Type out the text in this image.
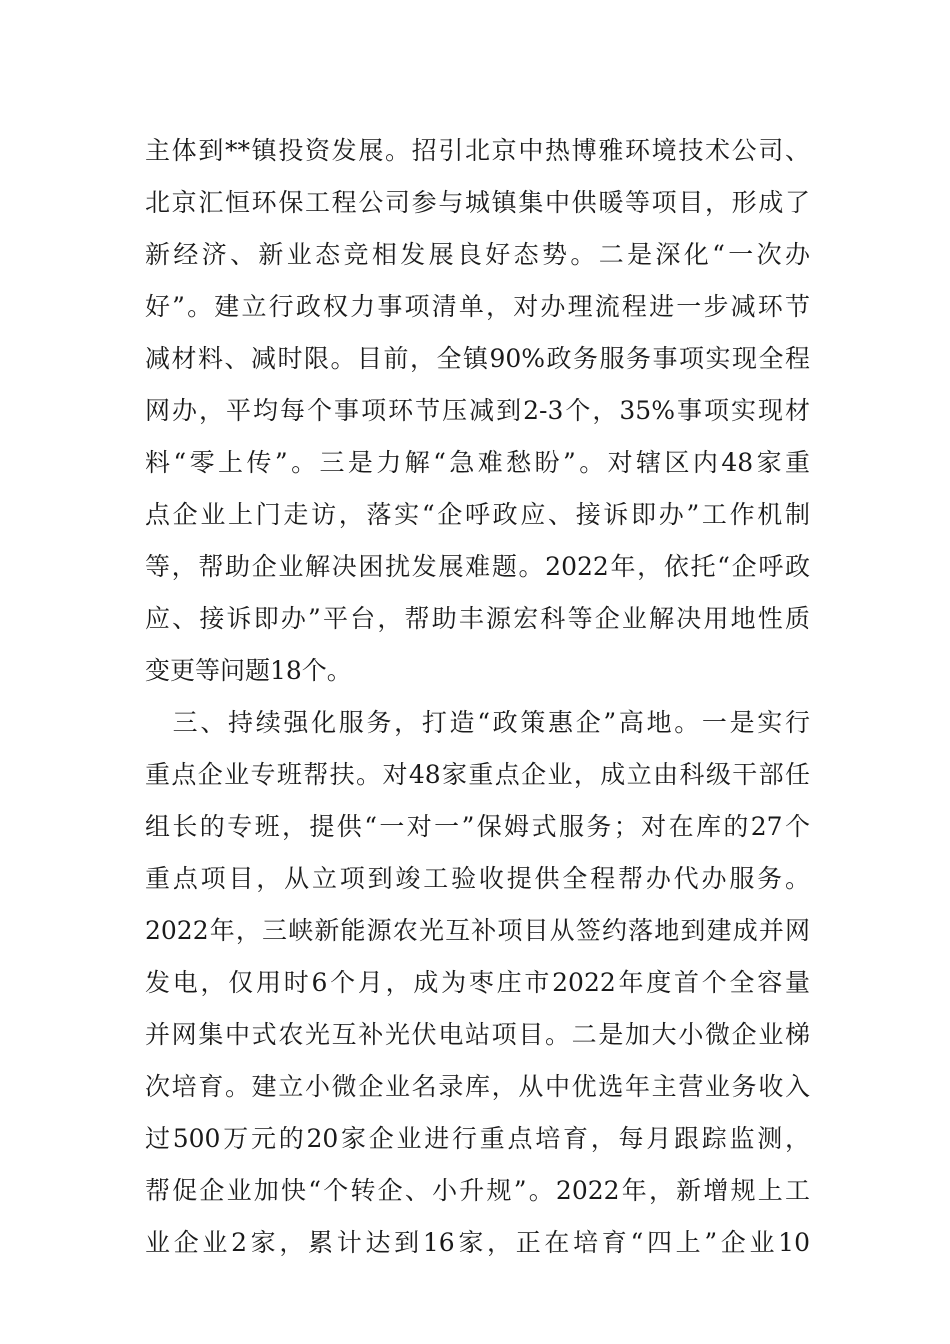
主体到**镇投资发展。招引北京中热博雅环境技术公司、
北京汇恒环保工程公司参与城镇集中供暖等项目，形成了
新经济、新业态竞相发展良好态势。二是深化“一次办
好”。建立行政权力事项清单，对办理流程进一步减环节
减材料、减时限。目前，全镇90%政务服务事项实现全程
网办，平均每个事项环节压减到2-3个，35%事项实现材
料“零上传”。三是力解“急难愁盼”。对辖区内48家重
点企业上门走访，落实“企呼政应、接诉即办”工作机制
等，帮助企业解决困扰发展难题。2022年，依托“企呼政
应、接诉即办”平台，帮助丰源宏科等企业解决用地性质
变更等问题18个。
　三、持续强化服务，打造“政策惠企”高地。一是实行
重点企业专班帮扶。对48家重点企业，成立由科级干部任
组长的专班，提供“一对一”保姆式服务；对在库的27个
重点项目，从立项到竣工验收提供全程帮办代办服务。
2022年，三峡新能源农光互补项目从签约落地到建成并网
发电，仅用时6个月，成为枣庄市2022年度首个全容量
并网集中式农光互补光伏电站项目。二是加大小微企业梯
次培育。建立小微企业名录库，从中优选年主营业务收入
过500万元的20家企业进行重点培育，每月跟踪监测，
帮促企业加快“个转企、小升规”。2022年，新增规上工
业企业2家，累计达到16家，正在培育“四上”企业10
